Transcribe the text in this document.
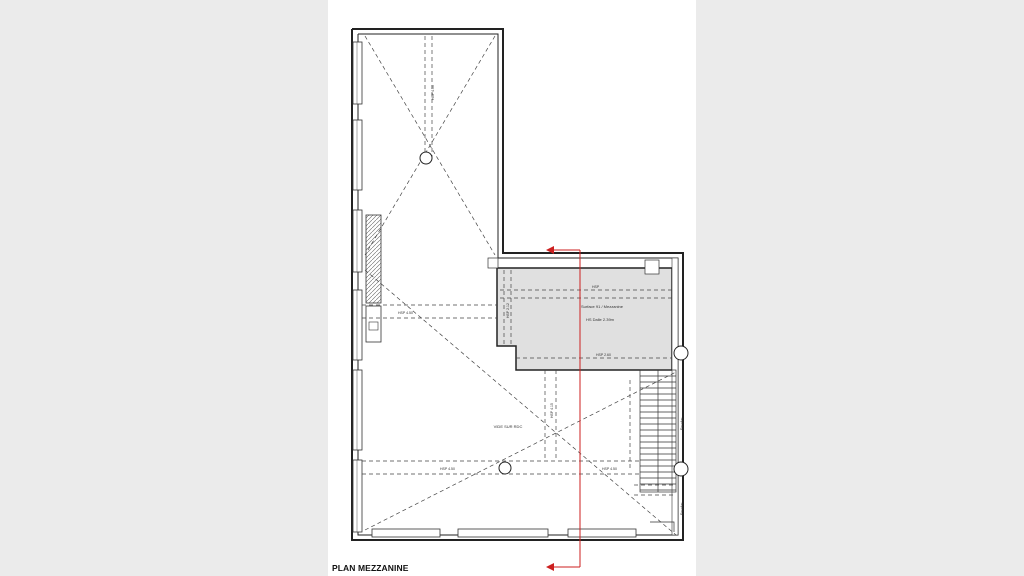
Surface 91 / Mezzanine
HS Dalle 2.39m
VIDE SUR RDC
HSP 4.50
HSP 4.50	HSP 2.12
HSP 2.60
HSP
HSP 4.15
HSP 4.50	HSP 4.50
Escalier
Escalier
PLAN MEZZANINE
